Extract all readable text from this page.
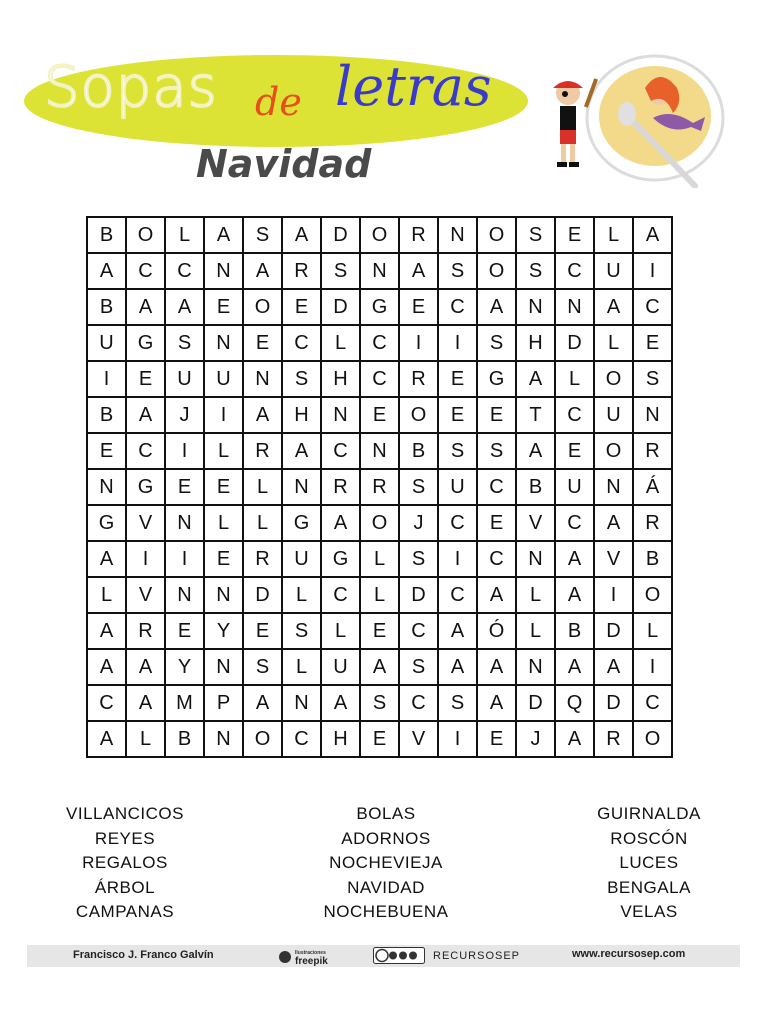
Sopas de letras
Navidad
B	O	L	A	S	A	D	O	R	N	O	S	E	L	A
A	C	C	N	A	R	S	N	A	S	O	S	C	U	I
B	A	A	E	O	E	D	G	E	C	A	N	N	A	C
U	G	S	N	E	C	L	C	I	I	S	H	D	L	E
I	E	U	U	N	S	H	C	R	E	G	A	L	O	S
B	A	J	I	A	H	N	E	O	E	E	T	C	U	N
E	C	I	L	R	A	C	N	B	S	S	A	E	O	R
N	G	E	E	L	N	R	R	S	U	C	B	U	N	Á
G	V	N	L	L	G	A	O	J	C	E	V	C	A	R
A	I	I	E	R	U	G	L	S	I	C	N	A	V	B
L	V	N	N	D	L	C	L	D	C	A	L	A	I	O
A	R	E	Y	E	S	L	E	C	A	Ó	L	B	D	L
A	A	Y	N	S	L	U	A	S	A	A	N	A	A	I
C	A	M	P	A	N	A	S	C	S	A	D	Q	D	C
A	L	B	N	O	C	H	E	V	I	E	J	A	R	O
VILLANCICOS
REYES
REGALOS
ÁRBOL
CAMPANAS
BOLAS
ADORNOS
NOCHEVIEJA
NAVIDAD
NOCHEBUENA
GUIRNALDA
ROSCÓN
LUCES
BENGALA
VELAS
Francisco J. Franco Galvín	Ilustraciones
freepik	RECURSOSEP	www.recursosep.com
